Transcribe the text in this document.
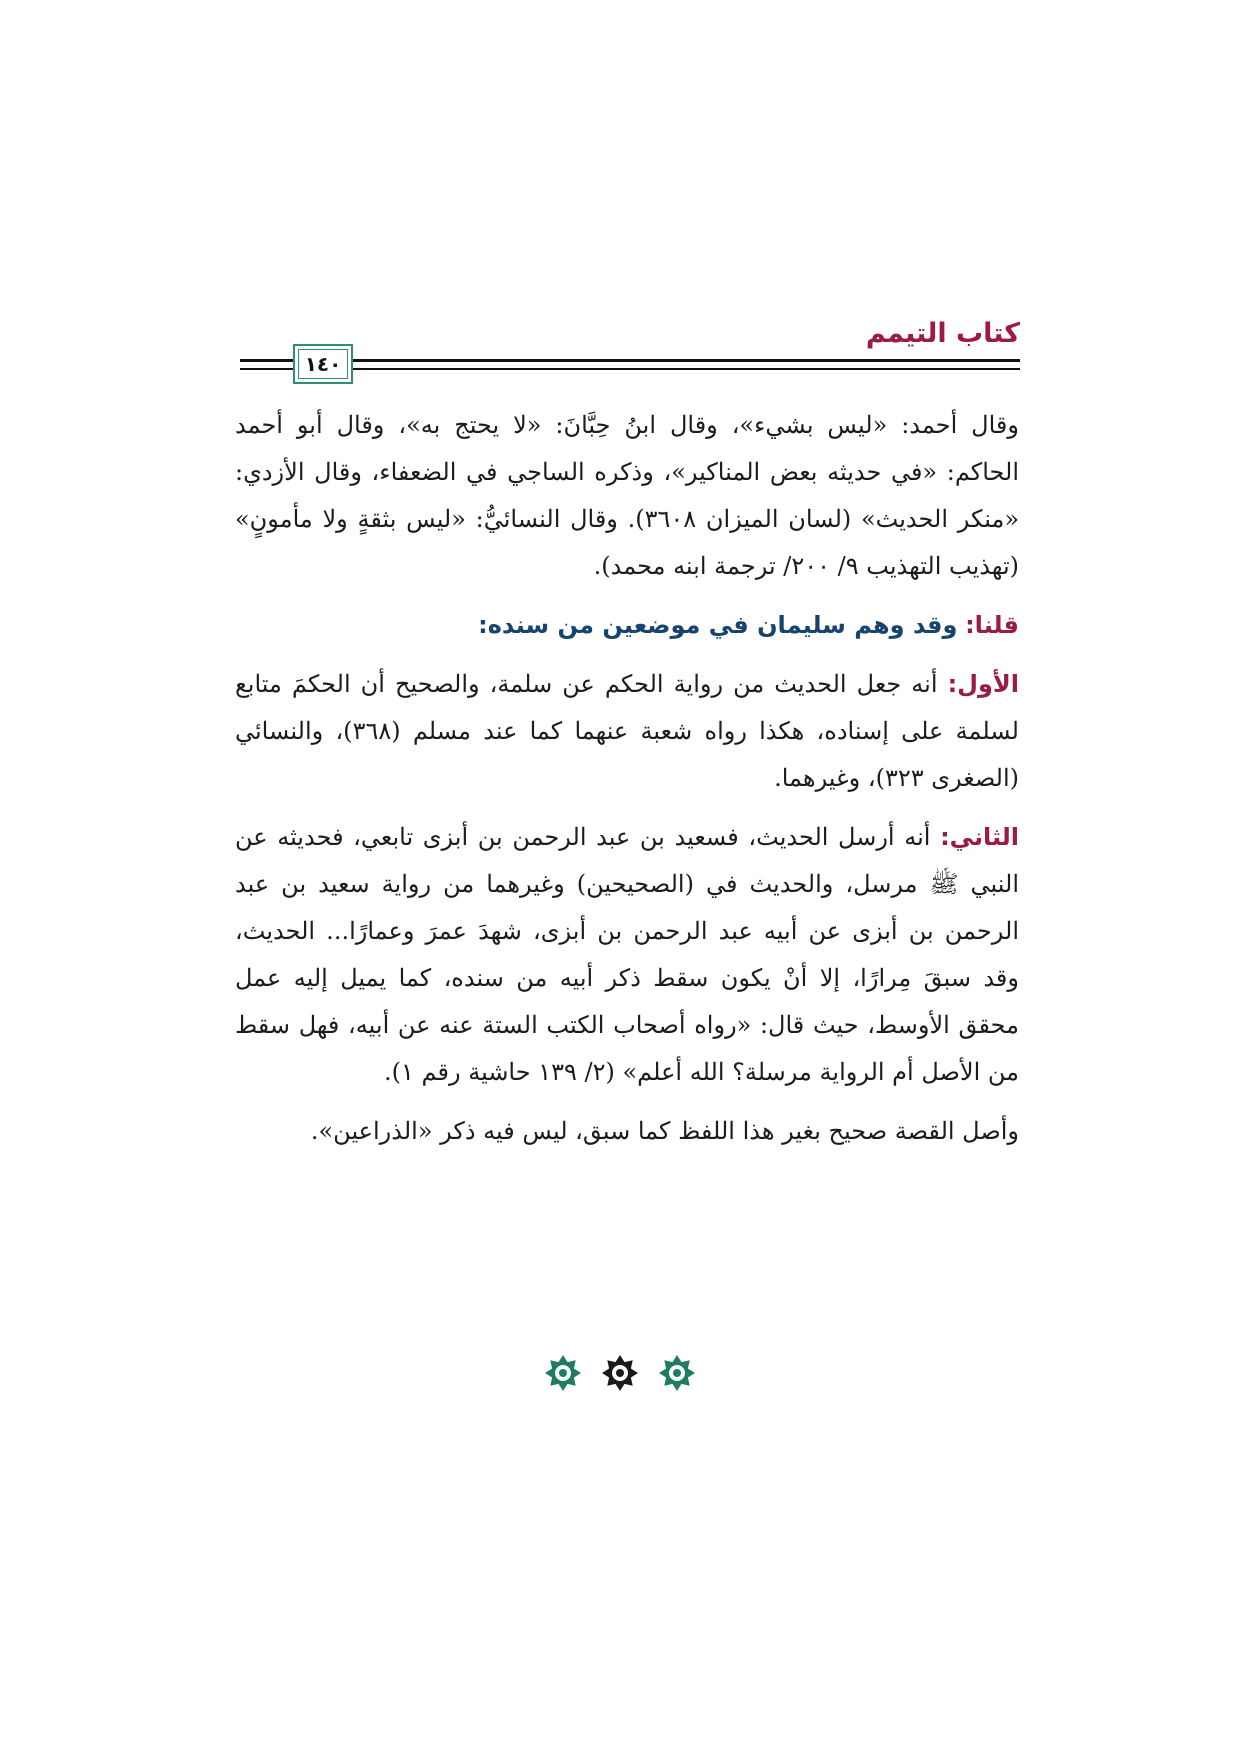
كتاب التيمم
١٤٠

وقال أحمد: «ليس بشيء»، وقال ابنُ حِبَّانَ: «لا يحتج به»، وقال أبو أحمد الحاكم: «في حديثه بعض المناكير»، وذكره الساجي في الضعفاء، وقال الأزدي: «منكر الحديث» (لسان الميزان ٣٦٠٨). وقال النسائيُّ: «ليس بثقةٍ ولا مأمونٍ» (تهذيب التهذيب ٩/ ٢٠٠/ ترجمة ابنه محمد).

قلنا: وقد وهم سليمان في موضعين من سنده:

الأول: أنه جعل الحديث من رواية الحكم عن سلمة، والصحيح أن الحكمَ متابع لسلمة على إسناده، هكذا رواه شعبة عنهما كما عند مسلم (٣٦٨)، والنسائي (الصغرى ٣٢٣)، وغيرهما.

الثاني: أنه أرسل الحديث، فسعيد بن عبد الرحمن بن أبزى تابعي، فحديثه عن النبي ﷺ مرسل، والحديث في (الصحيحين) وغيرهما من رواية سعيد بن عبد الرحمن بن أبزى عن أبيه عبد الرحمن بن أبزى، شهدَ عمرَ وعمارًا... الحديث، وقد سبقَ مِرارًا، إلا أنْ يكون سقط ذكر أبيه من سنده، كما يميل إليه عمل محقق الأوسط، حيث قال: «رواه أصحاب الكتب الستة عنه عن أبيه، فهل سقط من الأصل أم الرواية مرسلة؟ الله أعلم» (٢/ ١٣٩ حاشية رقم ١).

وأصل القصة صحيح بغير هذا اللفظ كما سبق، ليس فيه ذكر «الذراعين».
